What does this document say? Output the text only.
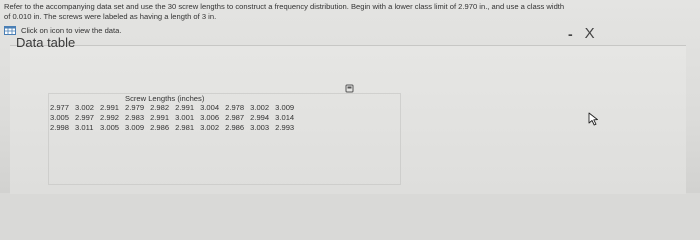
Refer to the accompanying data set and use the 30 screw lengths to construct a frequency distribution. Begin with a lower class limit of 2.970 in., and use a class width
of 0.010 in. The screws were labeled as having a length of 3 in.
Click on icon to view the data.
Data table
- X
Screw Lengths (inches)
2.977	3.002	2.991	2.979	2.982	2.991	3.004	2.978	3.002	3.009
3.005	2.997	2.992	2.983	2.991	3.001	3.006	2.987	2.994	3.014
2.998	3.011	3.005	3.009	2.986	2.981	3.002	2.986	3.003	2.993
